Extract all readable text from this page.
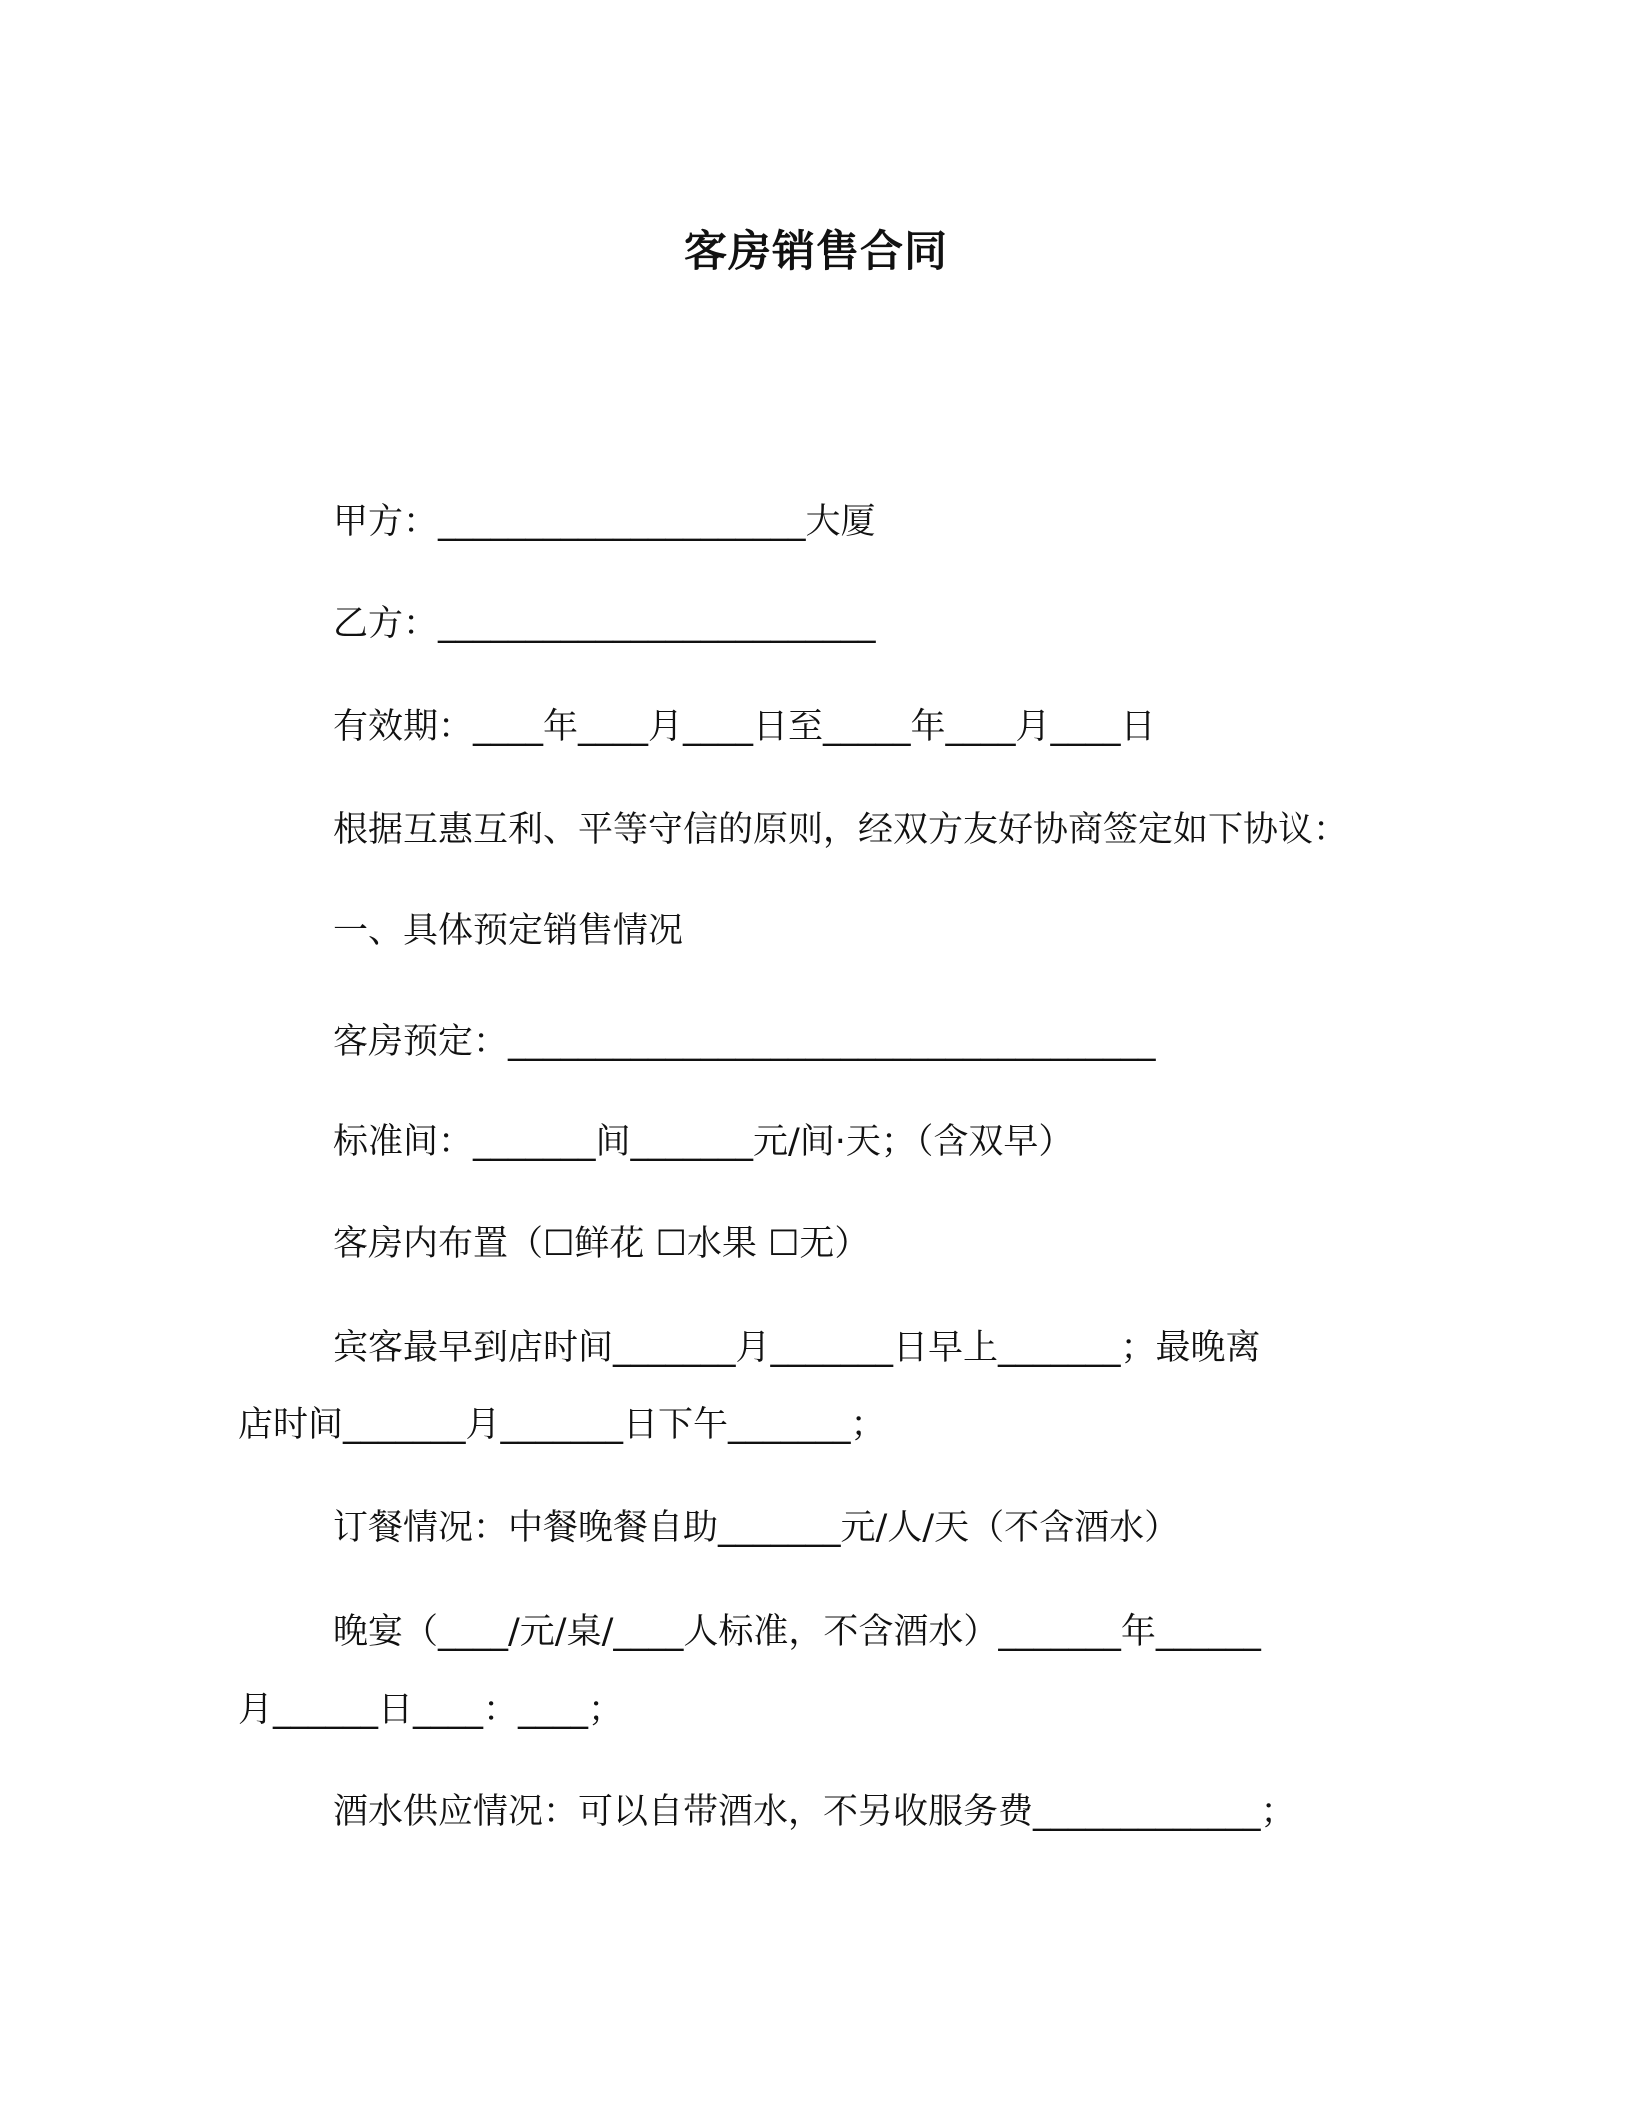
客房销售合同
甲方：_____________________大厦
乙方：_________________________
有效期：____年____月____日至_____年____月____日
根据互惠互利、平等守信的原则，经双方友好协商签定如下协议：
一、具体预定销售情况
客房预定：_____________________________________
标准间：_______间_______元/间·天；（含双早）
客房内布置（☐鲜花 ☐水果 ☐无）
宾客最早到店时间_______月_______日早上_______；最晚离
店时间_______月_______日下午_______；
订餐情况：中餐晚餐自助_______元/人/天（不含酒水）
晚宴（____/元/桌/____人标准，不含酒水）_______年______
月______日____：____；
酒水供应情况：可以自带酒水，不另收服务费_____________；
